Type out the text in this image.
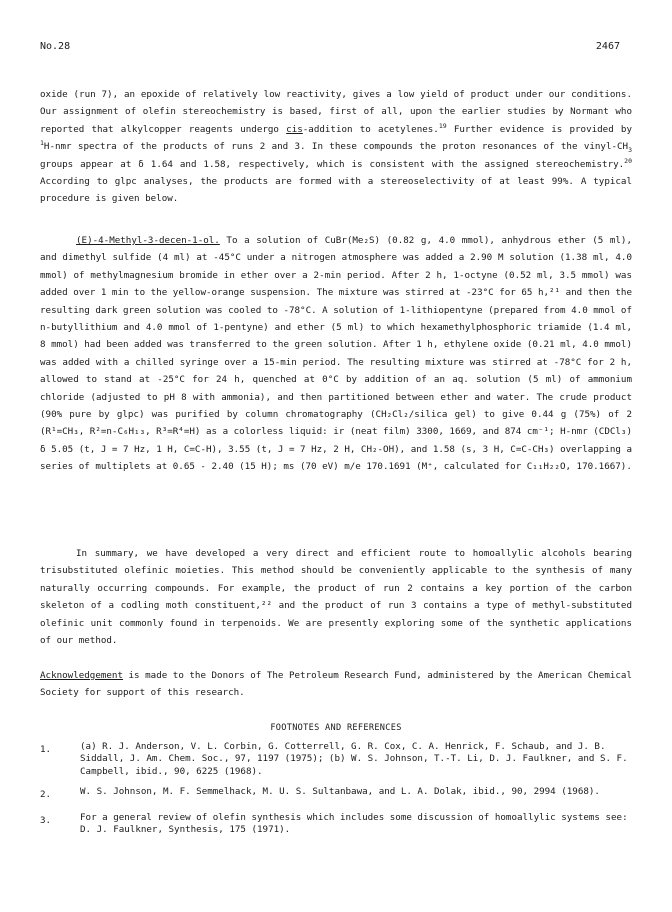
No.28	2467

oxide (run 7), an epoxide of relatively low reactivity, gives a low yield of product under our conditions. Our assignment of olefin stereochemistry is based, first of all, upon the earlier studies by Normant who reported that alkylcopper reagents undergo cis-addition to acetylenes.$^{19}$ Further evidence is provided by $^1$H-nmr spectra of the products of runs 2 and 3. In these compounds the proton resonances of the vinyl-$CH_3$ groups appear at δ 1.64 and 1.58, respectively, which is consistent with the assigned stereochemistry.$^{20}$ According to glpc analyses, the products are formed with a stereoselectivity of at least 99%. A typical procedure is given below.

(E)-4-Methyl-3-decen-1-ol. To a solution of CuBr(Me₂S) (0.82 g, 4.0 mmol), anhydrous ether (5 ml), and dimethyl sulfide (4 ml) at -45°C under a nitrogen atmosphere was added a 2.90 M solution (1.38 ml, 4.0 mmol) of methylmagnesium bromide in ether over a 2-min period. After 2 h, 1-octyne (0.52 ml, 3.5 mmol) was added over 1 min to the yellow-orange suspension. The mixture was stirred at -23°C for 65 h,²¹ and then the resulting dark green solution was cooled to -78°C. A solution of 1-lithiopentyne (prepared from 4.0 mmol of n-butyllithium and 4.0 mmol of 1-pentyne) and ether (5 ml) to which hexamethylphosphoric triamide (1.4 ml, 8 mmol) had been added was transferred to the green solution. After 1 h, ethylene oxide (0.21 ml, 4.0 mmol) was added with a chilled syringe over a 15-min period. The resulting mixture was stirred at -78°C for 2 h, allowed to stand at -25°C for 24 h, quenched at 0°C by addition of an aq. solution (5 ml) of ammonium chloride (adjusted to pH 8 with ammonia), and then partitioned between ether and water. The crude product (90% pure by glpc) was purified by column chromatography (CH₂Cl₂/silica gel) to give 0.44 g (75%) of 2 (R¹=CH₃, R²=n-C₆H₁₃, R³=R⁴=H) as a colorless liquid: ir (neat film) 3300, 1669, and 874 cm⁻¹; H-nmr (CDCl₃) δ 5.05 (t, J = 7 Hz, 1 H, C=C-H), 3.55 (t, J = 7 Hz, 2 H, CH₂-OH), and 1.58 (s, 3 H, C=C-CH₃) overlapping a series of multiplets at 0.65 - 2.40 (15 H); ms (70 eV) m/e 170.1691 (M⁺, calculated for C₁₁H₂₂O, 170.1667).

In summary, we have developed a very direct and efficient route to homoallylic alcohols bearing trisubstituted olefinic moieties. This method should be conveniently applicable to the synthesis of many naturally occurring compounds. For example, the product of run 2 contains a key portion of the carbon skeleton of a codling moth constituent,²² and the product of run 3 contains a type of methyl-substituted olefinic unit commonly found in terpenoids. We are presently exploring some of the synthetic applications of our method.

Acknowledgement is made to the Donors of The Petroleum Research Fund, administered by the American Chemical Society for support of this research.

FOOTNOTES AND REFERENCES
1.	(a) R. J. Anderson, V. L. Corbin, G. Cotterrell, G. R. Cox, C. A. Henrick, F. Schaub, and J. B. Siddall, J. Am. Chem. Soc., 97, 1197 (1975); (b) W. S. Johnson, T.-T. Li, D. J. Faulkner, and S. F. Campbell, ibid., 90, 6225 (1968).
2.	W. S. Johnson, M. F. Semmelhack, M. U. S. Sultanbawa, and L. A. Dolak, ibid., 90, 2994 (1968).
3.	For a general review of olefin synthesis which includes some discussion of homoallylic systems see: D. J. Faulkner, Synthesis, 175 (1971).
